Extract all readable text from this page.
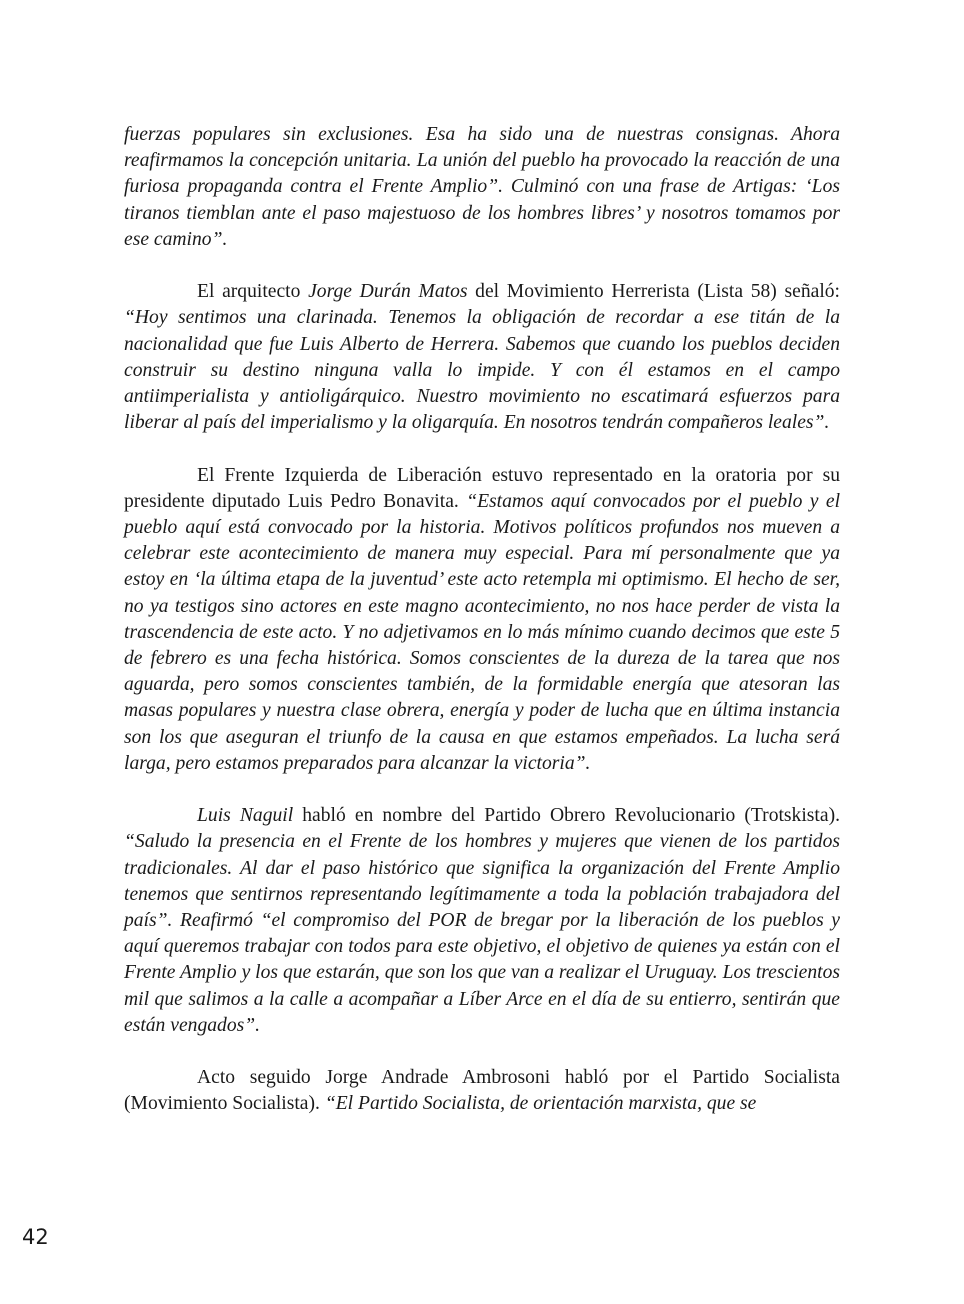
fuerzas populares sin exclusiones. Esa ha sido una de nuestras consignas. Ahora reafirmamos la concepción unitaria. La unión del pueblo ha provocado la reacción de una furiosa propaganda contra el Frente Amplio”. Culminó con una frase de Artigas: ‘Los tiranos tiemblan ante el paso majestuoso de los hombres libres’ y nosotros tomamos por ese camino”.

El arquitecto Jorge Durán Matos del Movimiento Herrerista (Lista 58) señaló: “Hoy sentimos una clarinada. Tenemos la obligación de recordar a ese titán de la nacionalidad que fue Luis Alberto de Herrera. Sabemos que cuando los pueblos deciden construir su destino ninguna valla lo impide. Y con él estamos en el campo antiimperialista y antioligárquico. Nuestro movimiento no escatimará esfuerzos para liberar al país del imperialismo y la oligarquía. En nosotros tendrán compañeros leales”.

El Frente Izquierda de Liberación estuvo representado en la oratoria por su presidente diputado Luis Pedro Bonavita. “Estamos aquí convocados por el pueblo y el pueblo aquí está convocado por la historia. Motivos políticos profundos nos mueven a celebrar este acontecimiento de manera muy especial. Para mí personalmente que ya estoy en ‘la última etapa de la juventud’ este acto retempla mi optimismo. El hecho de ser, no ya testigos sino actores en este magno acontecimiento, no nos hace perder de vista la trascendencia de este acto. Y no adjetivamos en lo más mínimo cuando decimos que este 5 de febrero es una fecha histórica. Somos conscientes de la dureza de la tarea que nos aguarda, pero somos conscientes también, de la formidable energía que atesoran las masas populares y nuestra clase obrera, energía y poder de lucha que en última instancia son los que aseguran el triunfo de la causa en que estamos empeñados. La lucha será larga, pero estamos preparados para alcanzar la victoria”.

Luis Naguil habló en nombre del Partido Obrero Revolucionario (Trotskista). “Saludo la presencia en el Frente de los hombres y mujeres que vienen de los partidos tradicionales. Al dar el paso histórico que significa la organización del Frente Amplio tenemos que sentirnos representando legítimamente a toda la población trabajadora del país”. Reafirmó “el compromiso del POR de bregar por la liberación de los pueblos y aquí queremos trabajar con todos para este objetivo, el objetivo de quienes ya están con el Frente Amplio y los que estarán, que son los que van a realizar el Uruguay. Los trescientos mil que salimos a la calle a acompañar a Líber Arce en el día de su entierro, sentirán que están vengados”.

Acto seguido Jorge Andrade Ambrosoni habló por el Partido Socialista (Movimiento Socialista). “El Partido Socialista, de orientación marxista, que se

42
